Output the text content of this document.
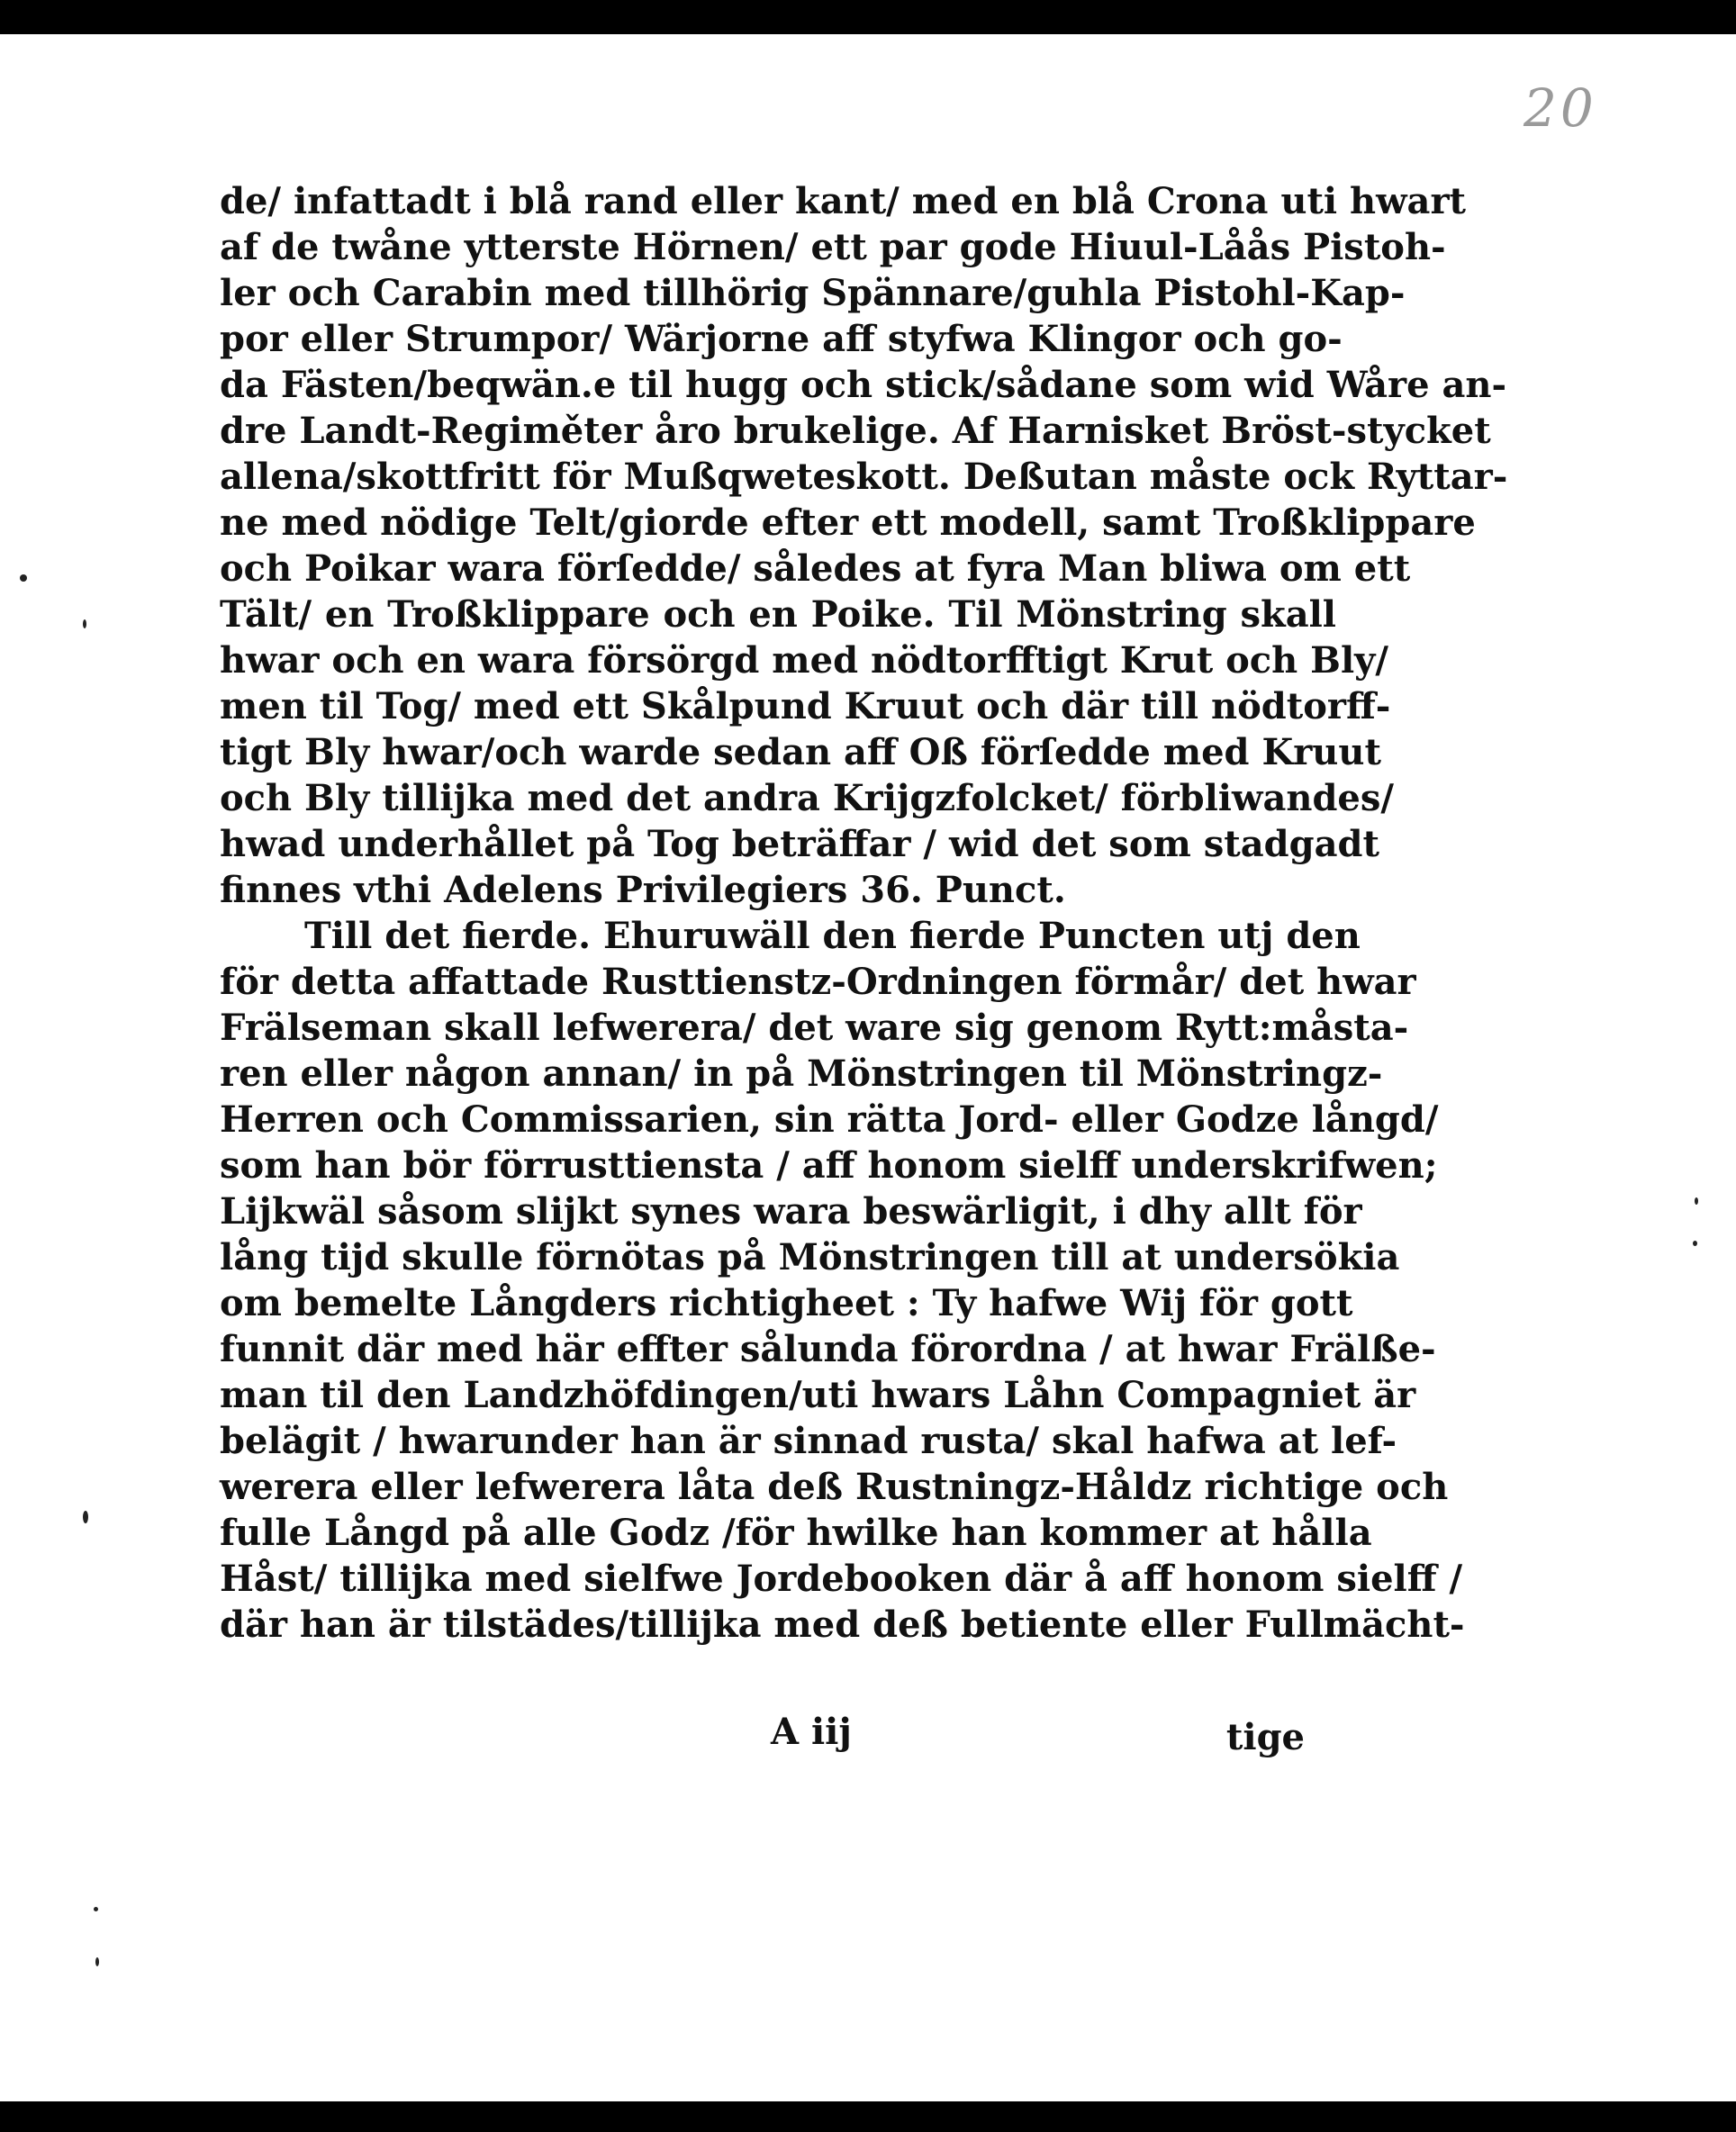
20
de/ infattadt i blå rand eller kant/ med en blå Crona uti hwart
af de twåne ytterste Hörnen/ ett par gode Hiuul-Låås Pistoh-
ler och Carabin med tillhörig Spännare/guhla Pistohl-Kap-
por eller Strumpor/ Wärjorne aff styfwa Klingor och go-
da Fästen/beqwän.e til hugg och stick/sådane som wid Wåre an-
dre Landt-Regiměter åro brukelige. Af Harnisket Bröst-stycket
allena/skottfritt för Mußqweteskott. Deßutan måste ock Ryttar-
ne med nödige Telt/giorde efter ett modell, samt Troßklippare
och Poikar wara förſedde/ således at fyra Man bliwa om ett
Tält/ en Troßklippare och en Poike. Til Mönstring skall
hwar och en wara försörgd med nödtorfftigt Krut och Bly/
men til Tog/ med ett Skålpund Kruut och där till nödtorff-
tigt Bly hwar/och warde sedan aff Oß förſedde med Kruut
och Bly tillijka med det andra Krijgzfolcket/ förbliwandes/
hwad underhållet på Tog beträffar / wid det som stadgadt
finnes vthi Adelens Privilegiers 36. Punct.
Till det fierde. Ehuruwäll den fierde Puncten utj den
för detta affattade Rusttienstz-Ordningen förmår/ det hwar
Frälseman skall lefwerera/ det ware sig genom Rytt:måsta-
ren eller någon annan/ in på Mönstringen til Mönstringz-
Herren och Commissarien, sin rätta Jord- eller Godze långd/
som han bör förrusttiensta / aff honom sielff underskrifwen;
Lijkwäl såsom slijkt synes wara beswärligit, i dhy allt för
lång tijd skulle förnötas på Mönstringen till at undersökia
om bemelte Långders richtigheet : Ty hafwe Wij för gott
funnit där med här effter sålunda förordna / at hwar Frälße-
man til den Landzhöfdingen/uti hwars Låhn Compagniet är
belägit / hwarunder han är sinnad rusta/ skal hafwa at lef-
werera eller lefwerera låta deß Rustningz-Håldz richtige och
fulle Långd på alle Godz /för hwilke han kommer at hålla
Håst/ tillijka med sielfwe Jordebooken där å aff honom sielff /
där han är tilstädes/tillijka med deß betiente eller Fullmächt-
A iij	tige
